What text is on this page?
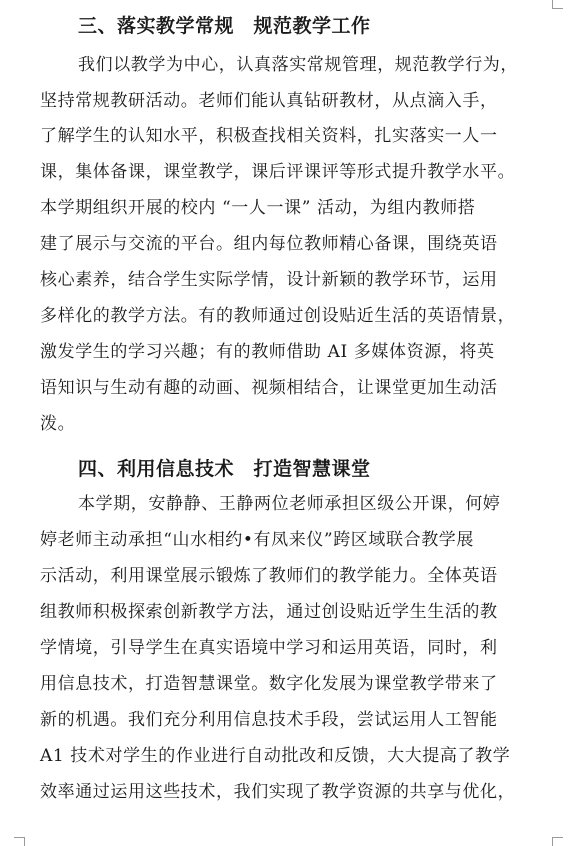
三、落实教学常规　规范教学工作
我们以教学为中心，认真落实常规管理，规范教学行为，
坚持常规教研活动。老师们能认真钻研教材，从点滴入手，
了解学生的认知水平，积极查找相关资料，扎实落实一人一
课，集体备课，课堂教学，课后评课评等形式提升教学水平。
本学期组织开展的校内 “一人一课” 活动，为组内教师搭
建了展示与交流的平台。组内每位教师精心备课，围绕英语
核心素养，结合学生实际学情，设计新颖的教学环节，运用
多样化的教学方法。有的教师通过创设贴近生活的英语情景，
激发学生的学习兴趣；有的教师借助 AI 多媒体资源，将英
语知识与生动有趣的动画、视频相结合，让课堂更加生动活
泼。
四、利用信息技术　打造智慧课堂
本学期，安静静、王静两位老师承担区级公开课，何婷
婷老师主动承担“山水相约•有凤来仪”跨区域联合教学展
示活动，利用课堂展示锻炼了教师们的教学能力。全体英语
组教师积极探索创新教学方法，通过创设贴近学生生活的教
学情境，引导学生在真实语境中学习和运用英语，同时，利
用信息技术，打造智慧课堂。数字化发展为课堂教学带来了
新的机遇。我们充分利用信息技术手段，尝试运用人工智能
A1 技术对学生的作业进行自动批改和反馈，大大提高了教学
效率通过运用这些技术，我们实现了教学资源的共享与优化，
